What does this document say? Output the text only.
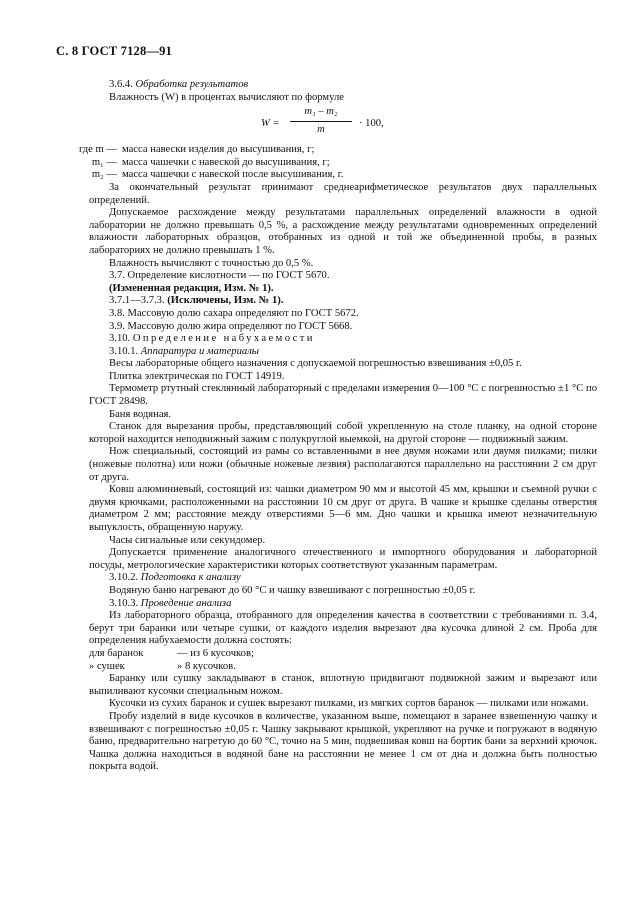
С. 8 ГОСТ 7128—91

3.6.4. Обработка результатов

Влажность (W) в процентах вычисляют по формуле

$W = \frac{\text{m₁ – m₂}}{m} \cdot 100$,
где m — масса навески изделия до высушивания, г;
m₁ — масса чашечки с навеской до высушивания, г;
m₂ — масса чашечки с навеской после высушивания, г.

За окончательный результат принимают среднеарифметическое результатов двух параллельных определений.

Допускаемое расхождение между результатами параллельных определений влажности в одной лаборатории не должно превышать 0,5 %, а расхождение между результатами одновременных определений влажности лабораторных образцов, отобранных из одной и той же объединенной пробы, в разных лабораториях не должно превышать 1 %.

Влажность вычисляют с точностью до 0,5 %.

3.7. Определение кислотности — по ГОСТ 5670.

(Измененная редакция, Изм. № 1).

3.7.1—3.7.3. (Исключены, Изм. № 1).

3.8. Массовую долю сахара определяют по ГОСТ 5672.

3.9. Массовую долю жира определяют по ГОСТ 5668.

3.10. Определение набухаемости

3.10.1. Аппаратура и материалы

Весы лабораторные общего назначения с допускаемой погрешностью взвешивания ±0,05 г.

Плитка электрическая по ГОСТ 14919.

Термометр ртутный стеклянный лабораторный с пределами измерения 0—100 °С с погрешностью ±1 °С по ГОСТ 28498.

Баня водяная.

Станок для вырезания пробы, представляющий собой укрепленную на столе планку, на одной стороне которой находится неподвижный зажим с полукруглой выемкой, на другой стороне — подвижный зажим.

Нож специальный, состоящий из рамы со вставленными в нее двумя ножами или двумя пилками; пилки (ножевые полотна) или ножи (обычные ножевые лезвия) располагаются параллельно на расстоянии 2 см друг от друга.

Ковш алюминиевый, состоящий из: чашки диаметром 90 мм и высотой 45 мм, крышки и съемной ручки с двумя крючками, расположенными на расстоянии 10 см друг от друга. В чашке и крышке сделаны отверстия диаметром 2 мм; расстояние между отверстиями 5—6 мм. Дно чашки и крышка имеют незначительную выпуклость, обращенную наружу.

Часы сигнальные или секундомер.

Допускается применение аналогичного отечественного и импортного оборудования и лабораторной посуды, метрологические характеристики которых соответствуют указанным параметрам.

3.10.2. Подготовка к анализу

Водяную баню нагревают до 60 °С и чашку взвешивают с погрешностью ±0,05 г.

3.10.3. Проведение анализа

Из лабораторного образца, отобранного для определения качества в соответствии с требованиями п. 3.4, берут три баранки или четыре сушки, от каждого изделия вырезают два кусочка длиной 2 см. Проба для определения набухаемости должна состоять:

для баранок	— из 6 кусочков;
» сушек	» 8 кусочков.

Баранку или сушку закладывают в станок, вплотную придвигают подвижной зажим и вырезают или выпиливают кусочки специальным ножом.

Кусочки из сухих баранок и сушек вырезают пилками, из мягких сортов баранок — пилками или ножами.

Пробу изделий в виде кусочков в количестве, указанном выше, помещают в заранее взвешенную чашку и взвешивают с погрешностью ±0,05 г. Чашку закрывают крышкой, укрепляют на ручке и погружают в водяную баню, предварительно нагретую до 60 °С, точно на 5 мин, подвешивая ковш на бортик бани за верхний крючок. Чашка должна находиться в водяной бане на расстоянии не менее 1 см от дна и должна быть полностью покрыта водой.
